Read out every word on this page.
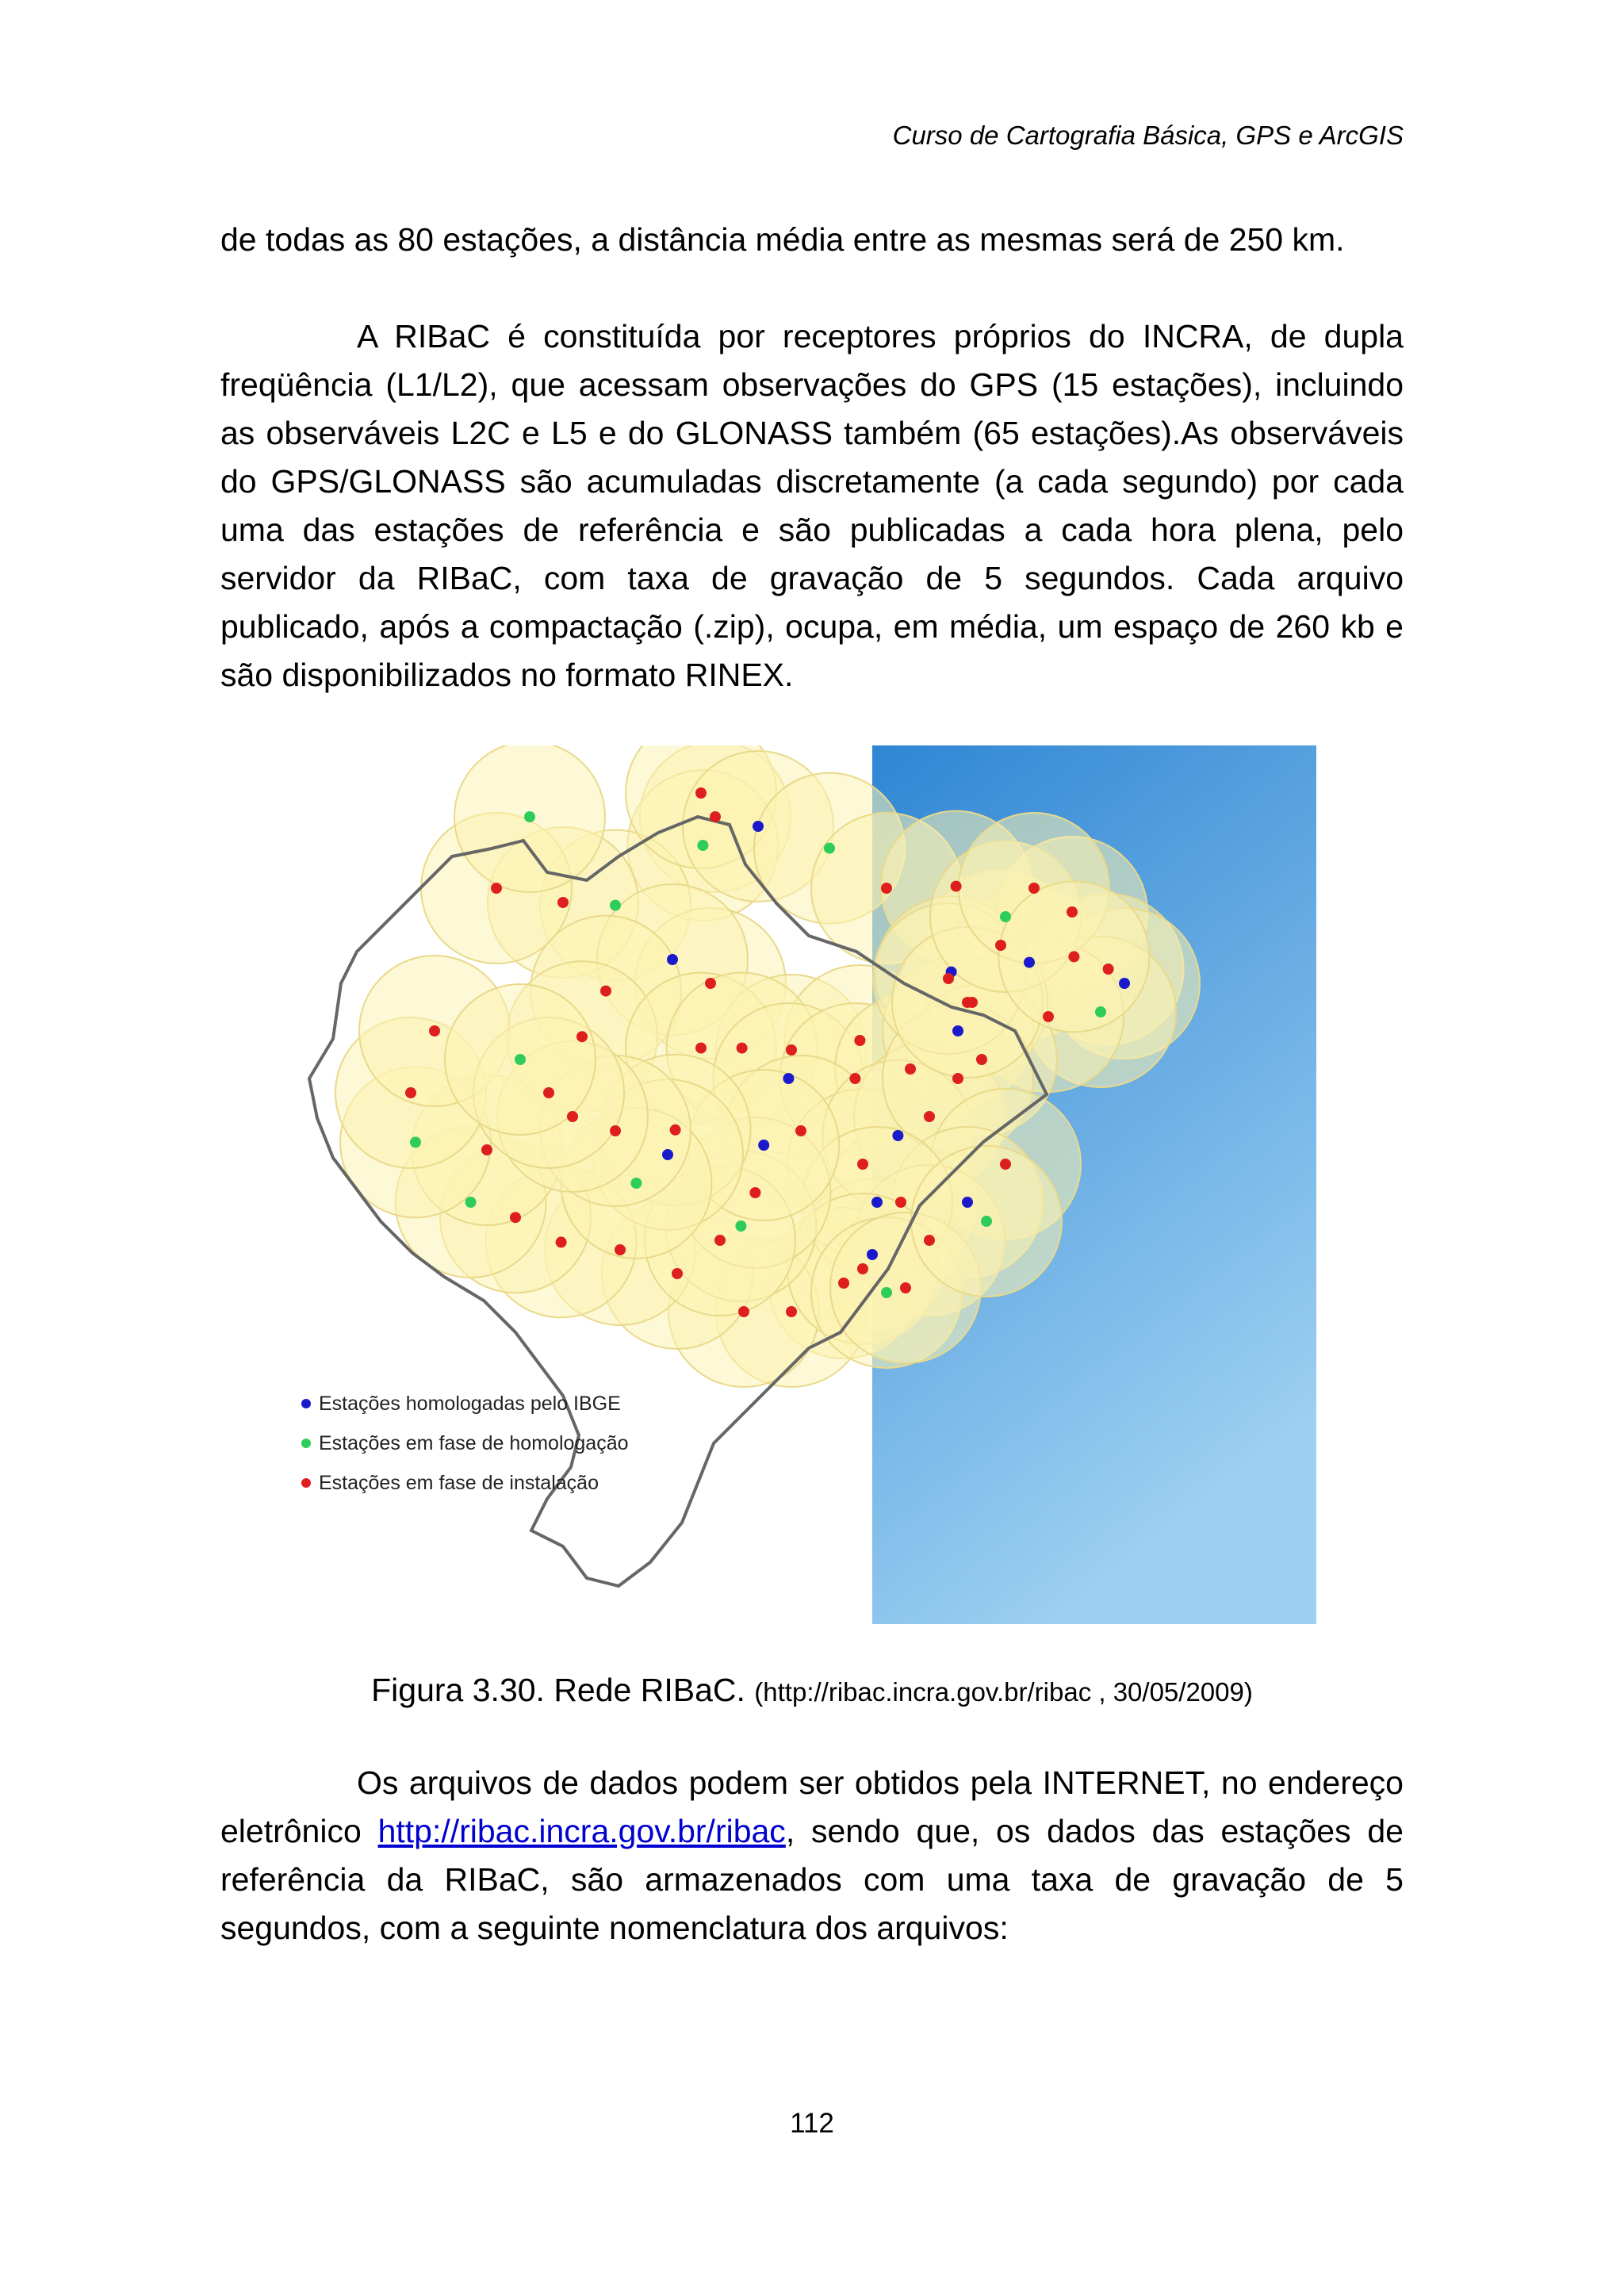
Curso de Cartografia Básica, GPS e ArcGIS

de todas as 80 estações, a distância média entre as mesmas será de 250 km.

A RIBaC é constituída por receptores próprios do INCRA, de dupla freqüência (L1/L2), que acessam observações do GPS (15 estações), incluindo as observáveis L2C e L5 e do GLONASS também (65 estações).As observáveis do GPS/GLONASS são acumuladas discretamente (a cada segundo) por cada uma das estações de referência e são publicadas a cada hora plena, pelo servidor da RIBaC, com taxa de gravação de 5 segundos. Cada arquivo publicado, após a compactação (.zip), ocupa, em média, um espaço de 260 kb e são disponibilizados no formato RINEX.

Estações homologadas pelo IBGE
Estações em fase de homologação
Estações em fase de instalação
Figura 3.30. Rede RIBaC. (http://ribac.incra.gov.br/ribac , 30/05/2009)

Os arquivos de dados podem ser obtidos pela INTERNET, no endereço eletrônico http://ribac.incra.gov.br/ribac, sendo que, os dados das estações de referência da RIBaC, são armazenados com uma taxa de gravação de 5 segundos, com a seguinte nomenclatura dos arquivos:

112
